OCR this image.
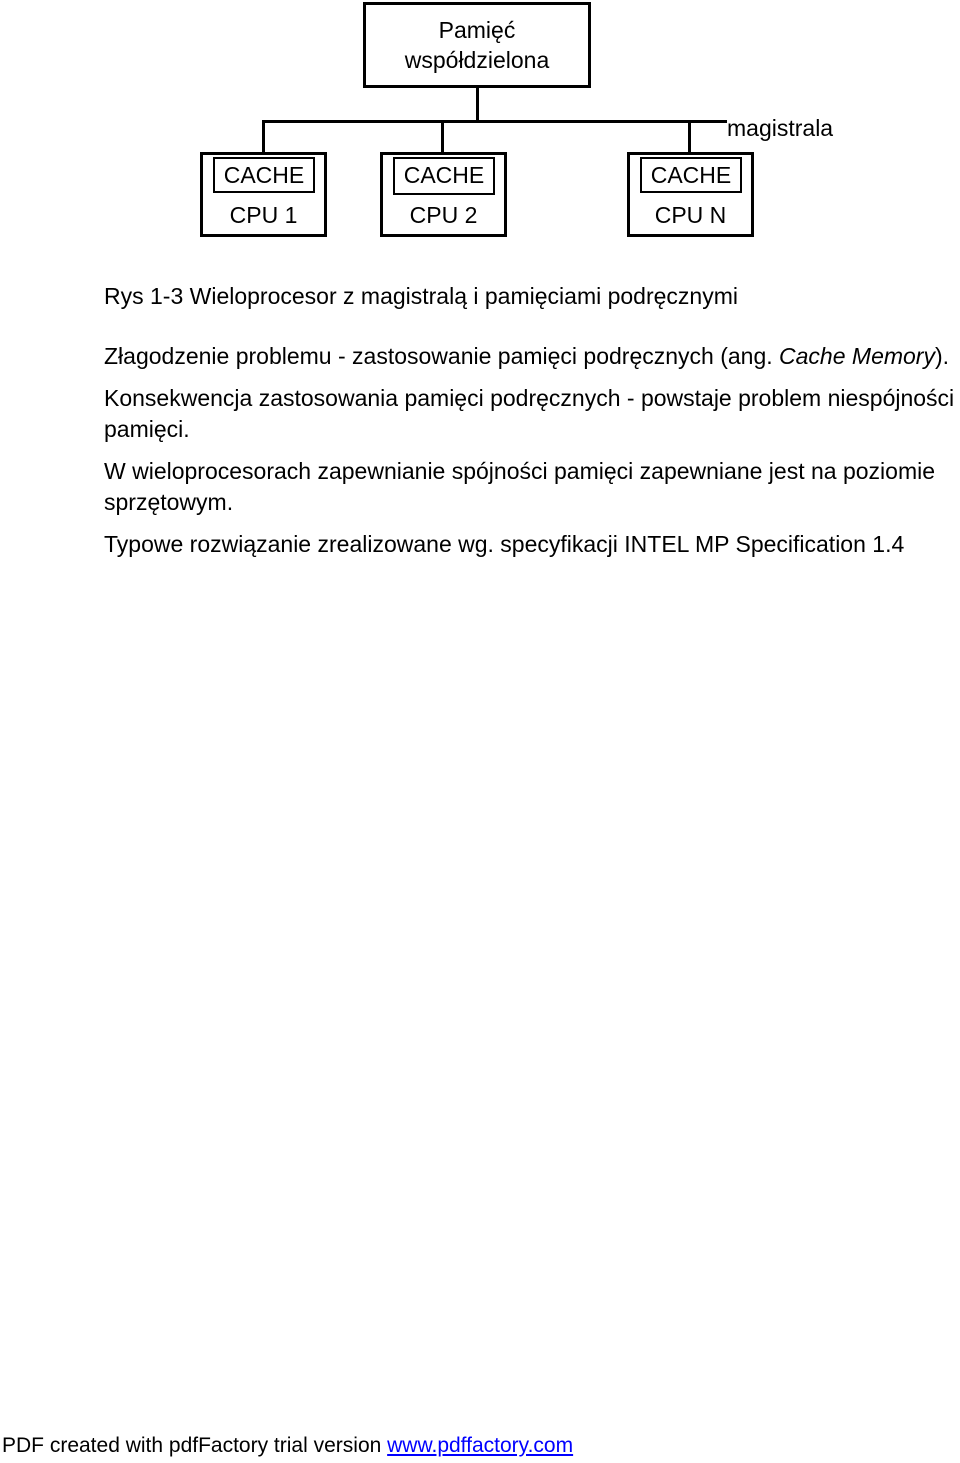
Pamięć
współdzielona
magistrala
CACHE
CPU 1
CACHE
CPU 2
CACHE
CPU N
Rys 1-3 Wieloprocesor z magistralą i pamięciami podręcznymi

Złagodzenie problemu - zastosowanie pamięci podręcznych (ang. Cache Memory).

Konsekwencja zastosowania pamięci podręcznych - powstaje problem niespójności pamięci.

W wieloprocesorach zapewnianie spójności pamięci zapewniane jest na poziomie sprzętowym.

Typowe rozwiązanie zrealizowane wg. specyfikacji INTEL MP Specification 1.4

PDF created with pdfFactory trial version www.pdffactory.com
